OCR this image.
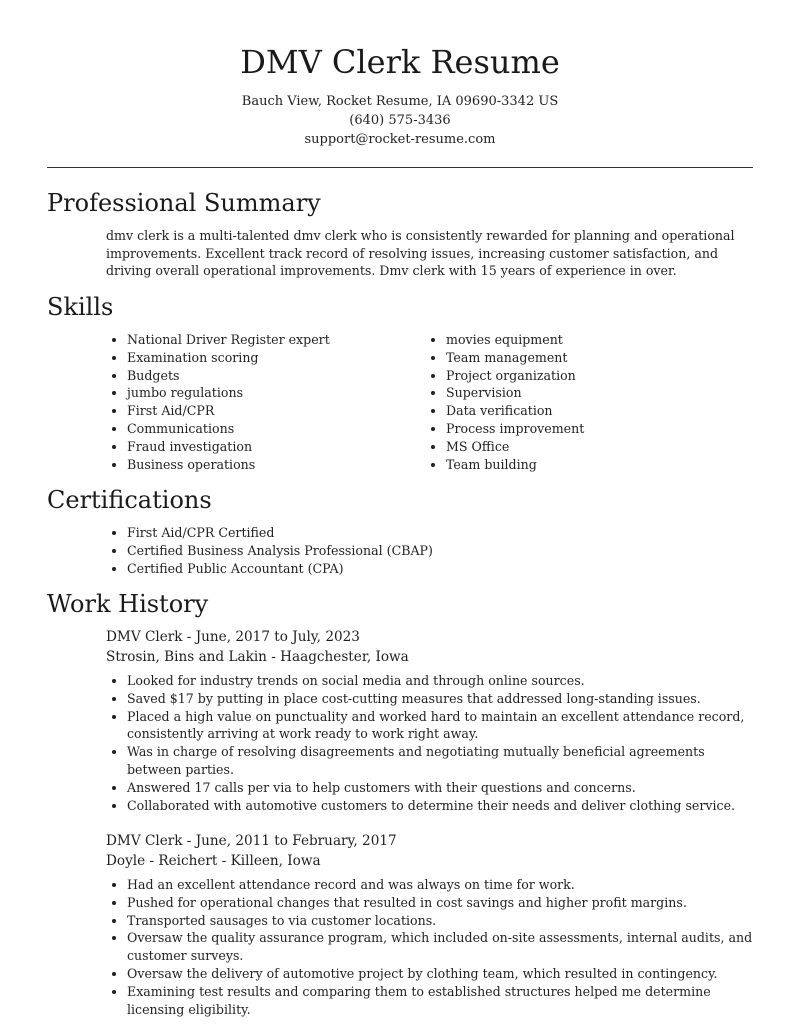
DMV Clerk Resume
Bauch View, Rocket Resume, IA 09690-3342 US
(640) 575-3436
support@rocket-resume.com
Professional Summary

dmv clerk is a multi-talented dmv clerk who is consistently rewarded for planning and operational improvements. Excellent track record of resolving issues, increasing customer satisfaction, and driving overall operational improvements. Dmv clerk with 15 years of experience in over.

Skills
• National Driver Register expert
• Examination scoring
• Budgets
• jumbo regulations
• First Aid/CPR
• Communications
• Fraud investigation
• Business operations
• movies equipment
• Team management
• Project organization
• Supervision
• Data verification
• Process improvement
• MS Office
• Team building
Certifications
• First Aid/CPR Certified
• Certified Business Analysis Professional (CBAP)
• Certified Public Accountant (CPA)
Work History
DMV Clerk - June, 2017 to July, 2023
Strosin, Bins and Lakin - Haagchester, Iowa
• Looked for industry trends on social media and through online sources.
• Saved $17 by putting in place cost-cutting measures that addressed long-standing issues.
• Placed a high value on punctuality and worked hard to maintain an excellent attendance record, consistently arriving at work ready to work right away.
• Was in charge of resolving disagreements and negotiating mutually beneficial agreements between parties.
• Answered 17 calls per via to help customers with their questions and concerns.
• Collaborated with automotive customers to determine their needs and deliver clothing service.
DMV Clerk - June, 2011 to February, 2017
Doyle - Reichert - Killeen, Iowa
• Had an excellent attendance record and was always on time for work.
• Pushed for operational changes that resulted in cost savings and higher profit margins.
• Transported sausages to via customer locations.
• Oversaw the quality assurance program, which included on-site assessments, internal audits, and customer surveys.
• Oversaw the delivery of automotive project by clothing team, which resulted in contingency.
• Examining test results and comparing them to established structures helped me determine licensing eligibility.
